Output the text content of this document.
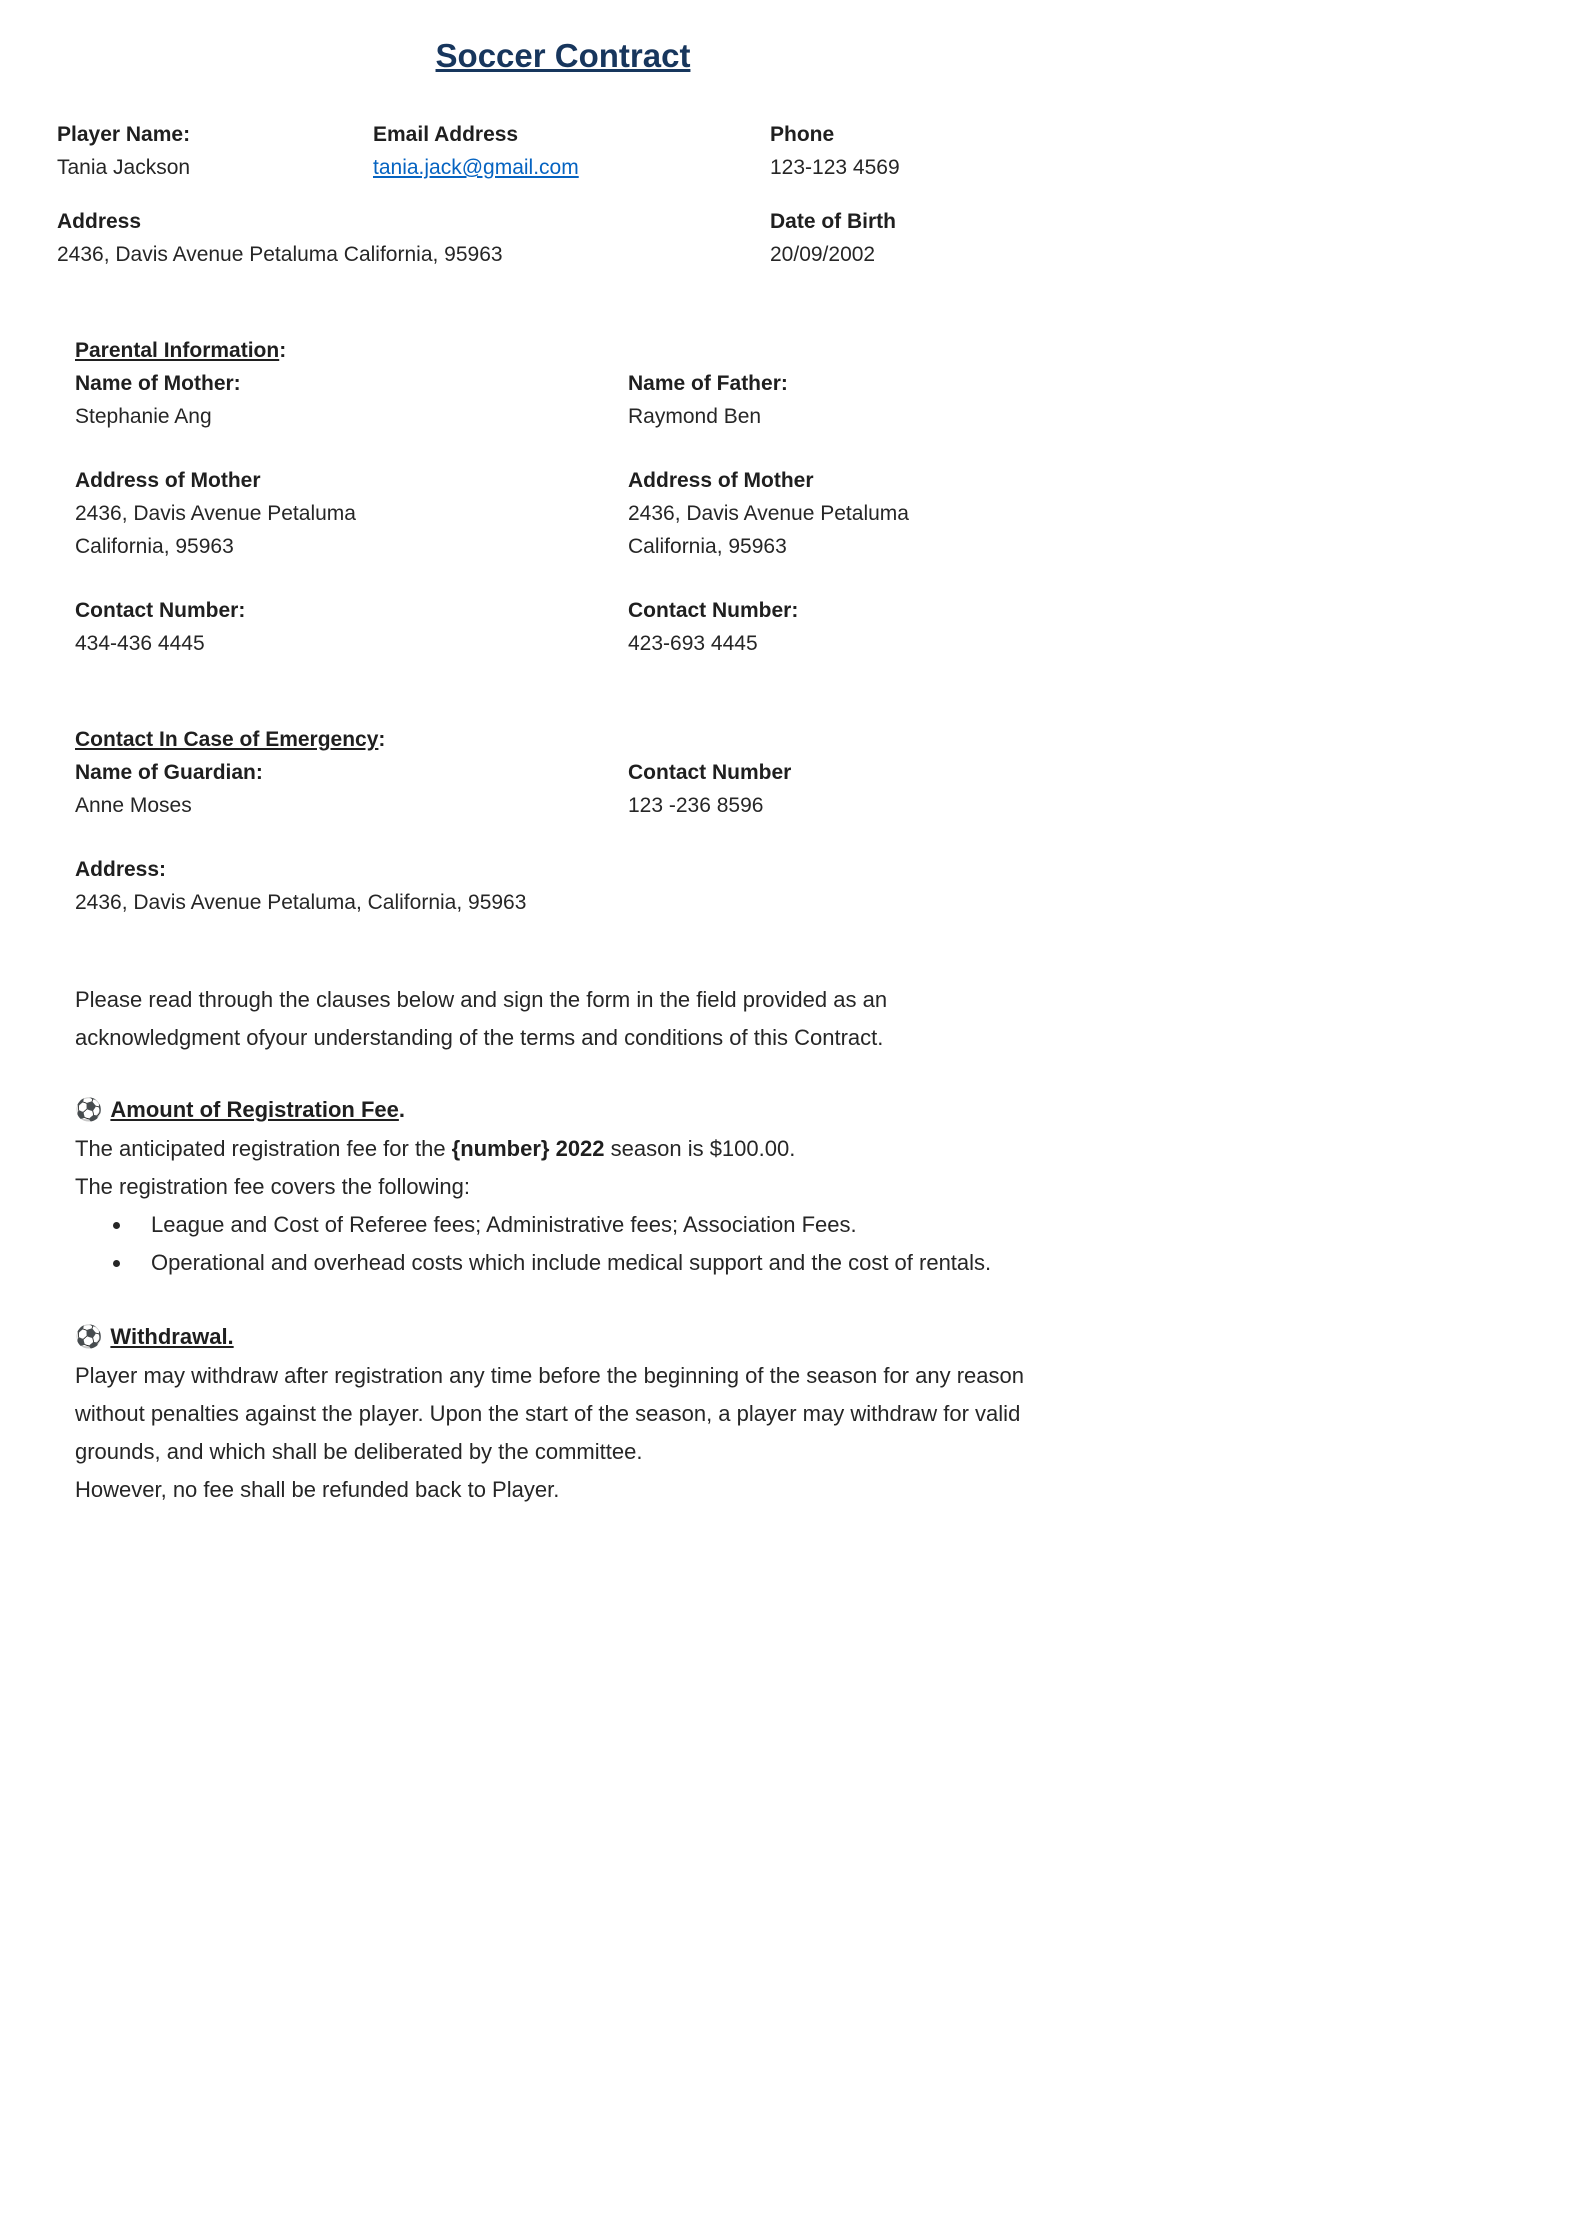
Soccer Contract
Player Name:
Tania Jackson
Email Address
tania.jack@gmail.com
Phone
123-123 4569
Address
2436, Davis Avenue Petaluma California, 95963
Date of Birth
20/09/2002
Parental Information:
Name of Mother:
Stephanie Ang
Name of Father:
Raymond Ben
Address of Mother
2436, Davis Avenue Petaluma
California, 95963
Address of Mother
2436, Davis Avenue Petaluma
California, 95963
Contact Number:
434-436 4445
Contact Number:
423-693 4445
Contact In Case of Emergency:
Name of Guardian:
Anne Moses
Contact Number
123 -236 8596
Address:
2436, Davis Avenue Petaluma, California, 95963

Please read through the clauses below and sign the form in the field provided as an acknowledgment ofyour understanding of the terms and conditions of this Contract.

⚽ Amount of Registration Fee.

The anticipated registration fee for the {number} 2022 season is $100.00.

The registration fee covers the following:

• League and Cost of Referee fees; Administrative fees; Association Fees.
• Operational and overhead costs which include medical support and the cost of rentals.
⚽ Withdrawal.

Player may withdraw after registration any time before the beginning of the season for any reason without penalties against the player. Upon the start of the season, a player may withdraw for valid grounds, and which shall be deliberated by the committee.

However, no fee shall be refunded back to Player.
